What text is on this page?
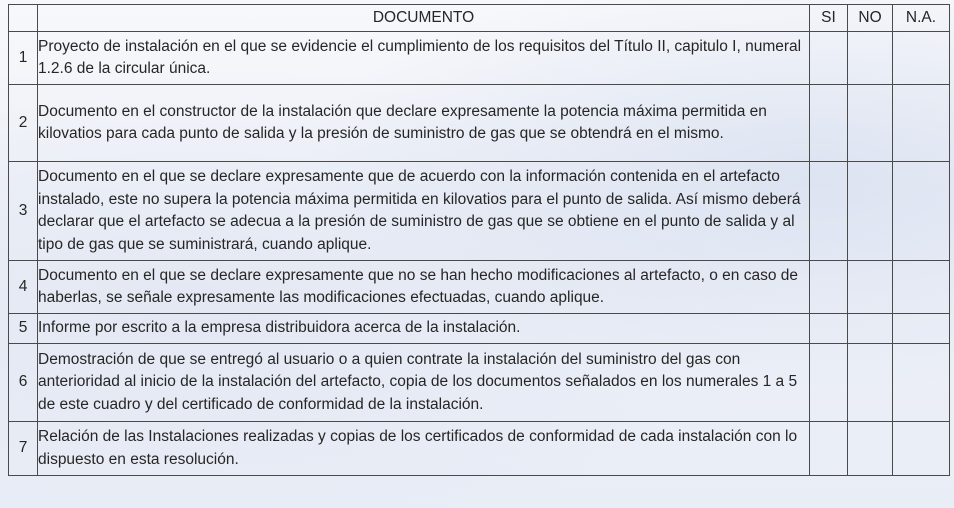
	DOCUMENTO	SI	NO	N.A.
1	Proyecto de instalación en el que se evidencie el cumplimiento de los requisitos del Título II, capitulo I, numeral 1.2.6 de la circular única.			
2	Documento en el constructor de la instalación que declare expresamente la potencia máxima permitida en kilovatios para cada punto de salida y la presión de suministro de gas que se obtendrá en el mismo.			
3	Documento en el que se declare expresamente que de acuerdo con la información contenida en el artefacto instalado, este no supera la potencia máxima permitida en kilovatios para el punto de salida. Así mismo deberá declarar que el artefacto se adecua a la presión de suministro de gas que se obtiene en el punto de salida y al tipo de gas que se suministrará, cuando aplique.			
4	Documento en el que se declare expresamente que no se han hecho modificaciones al artefacto, o en caso de haberlas, se señale expresamente las modificaciones efectuadas, cuando aplique.			
5	Informe por escrito a la empresa distribuidora acerca de la instalación.			
6	Demostración de que se entregó al usuario o a quien contrate la instalación del suministro del gas con anterioridad al inicio de la instalación del artefacto, copia de los documentos señalados en los numerales 1 a 5 de este cuadro y del certificado de conformidad de la instalación.			
7	Relación de las Instalaciones realizadas y copias de los certificados de conformidad de cada instalación con lo dispuesto en esta resolución.			
